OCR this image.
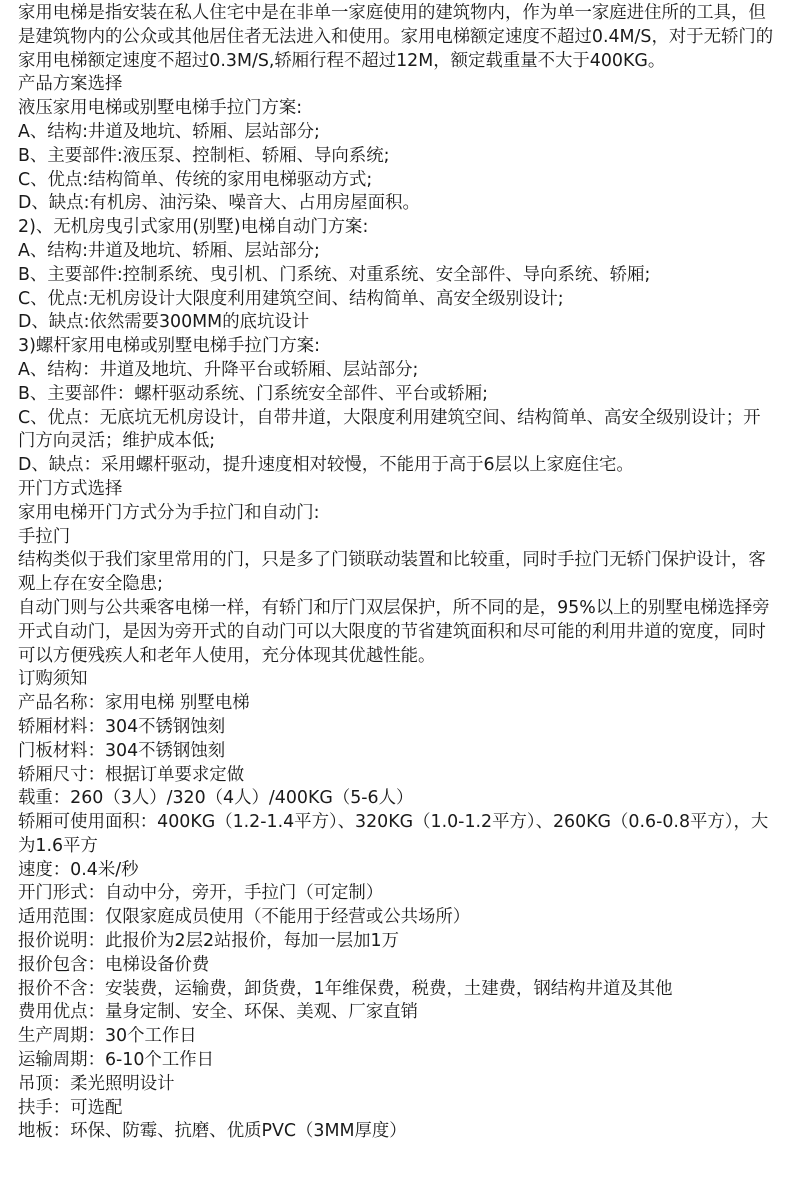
家用电梯是指安装在私人住宅中是在非单一家庭使用的建筑物内，作为单一家庭进住所的工具，但是建筑物内的公众或其他居住者无法进入和使用。家用电梯额定速度不超过0.4M/S，对于无轿门的家用电梯额定速度不超过0.3M/S,轿厢行程不超过12M，额定载重量不大于400KG。

产品方案选择

液压家用电梯或别墅电梯手拉门方案:

A、结构:井道及地坑、轿厢、层站部分;

B、主要部件:液压泵、控制柜、轿厢、导向系统;

C、优点:结构简单、传统的家用电梯驱动方式;

D、缺点:有机房、油污染、噪音大、占用房屋面积。

2)、无机房曳引式家用(别墅)电梯自动门方案:

A、结构:井道及地坑、轿厢、层站部分;

B、主要部件:控制系统、曳引机、门系统、对重系统、安全部件、导向系统、轿厢;

C、优点:无机房设计大限度利用建筑空间、结构简单、高安全级别设计;

D、缺点:依然需要300MM的底坑设计

3)螺杆家用电梯或别墅电梯手拉门方案:

A、结构：井道及地坑、升降平台或轿厢、层站部分;

B、主要部件：螺杆驱动系统、门系统安全部件、平台或轿厢;

C、优点：无底坑无机房设计，自带井道，大限度利用建筑空间、结构简单、高安全级别设计；开门方向灵活；维护成本低;

D、缺点：采用螺杆驱动，提升速度相对较慢，不能用于高于6层以上家庭住宅。

开门方式选择

家用电梯开门方式分为手拉门和自动门:

手拉门

结构类似于我们家里常用的门，只是多了门锁联动装置和比较重，同时手拉门无轿门保护设计，客观上存在安全隐患;

自动门则与公共乘客电梯一样，有轿门和厅门双层保护，所不同的是，95%以上的别墅电梯选择旁开式自动门，是因为旁开式的自动门可以大限度的节省建筑面积和尽可能的利用井道的宽度，同时可以方便残疾人和老年人使用，充分体现其优越性能。

订购须知

产品名称：家用电梯 别墅电梯

轿厢材料：304不锈钢蚀刻

门板材料：304不锈钢蚀刻

轿厢尺寸：根据订单要求定做

载重：260（3人）/320（4人）/400KG（5-6人）

轿厢可使用面积：400KG（1.2-1.4平方）、320KG（1.0-1.2平方）、260KG（0.6-0.8平方），大为1.6平方

速度：0.4米/秒

开门形式：自动中分，旁开，手拉门（可定制）

适用范围：仅限家庭成员使用（不能用于经营或公共场所）

报价说明：此报价为2层2站报价，每加一层加1万

报价包含：电梯设备价费

报价不含：安装费，运输费，卸货费，1年维保费，税费，土建费，钢结构井道及其他

费用优点：量身定制、安全、环保、美观、厂家直销

生产周期：30个工作日

运输周期：6-10个工作日

吊顶：柔光照明设计

扶手：可选配

地板：环保、防霉、抗磨、优质PVC（3MM厚度）
